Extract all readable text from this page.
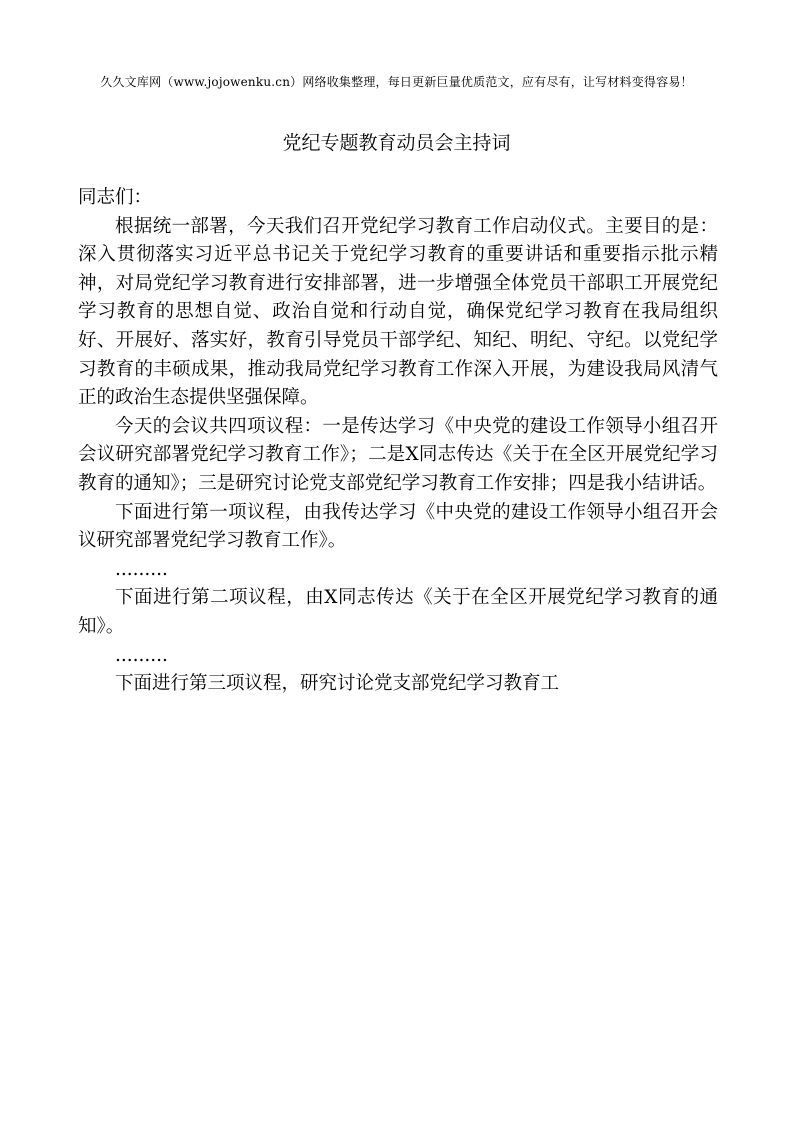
久久文库网（www.jojowenku.cn）网络收集整理，每日更新巨量优质范文，应有尽有，让写材料变得容易！
党纪专题教育动员会主持词

同志们：

根据统一部署，今天我们召开党纪学习教育工作启动仪式。主要目的是：深入贯彻落实习近平总书记关于党纪学习教育的重要讲话和重要指示批示精神，对局党纪学习教育进行安排部署，进一步增强全体党员干部职工开展党纪学习教育的思想自觉、政治自觉和行动自觉，确保党纪学习教育在我局组织好、开展好、落实好，教育引导党员干部学纪、知纪、明纪、守纪。以党纪学习教育的丰硕成果，推动我局党纪学习教育工作深入开展，为建设我局风清气正的政治生态提供坚强保障。

今天的会议共四项议程：一是传达学习《中央党的建设工作领导小组召开会议研究部署党纪学习教育工作》；二是X同志传达《关于在全区开展党纪学习教育的通知》；三是研究讨论党支部党纪学习教育工作安排；四是我小结讲话。

下面进行第一项议程，由我传达学习《中央党的建设工作领导小组召开会议研究部署党纪学习教育工作》。

.........

下面进行第二项议程，由X同志传达《关于在全区开展党纪学习教育的通知》。

.........

下面进行第三项议程，研究讨论党支部党纪学习教育工
